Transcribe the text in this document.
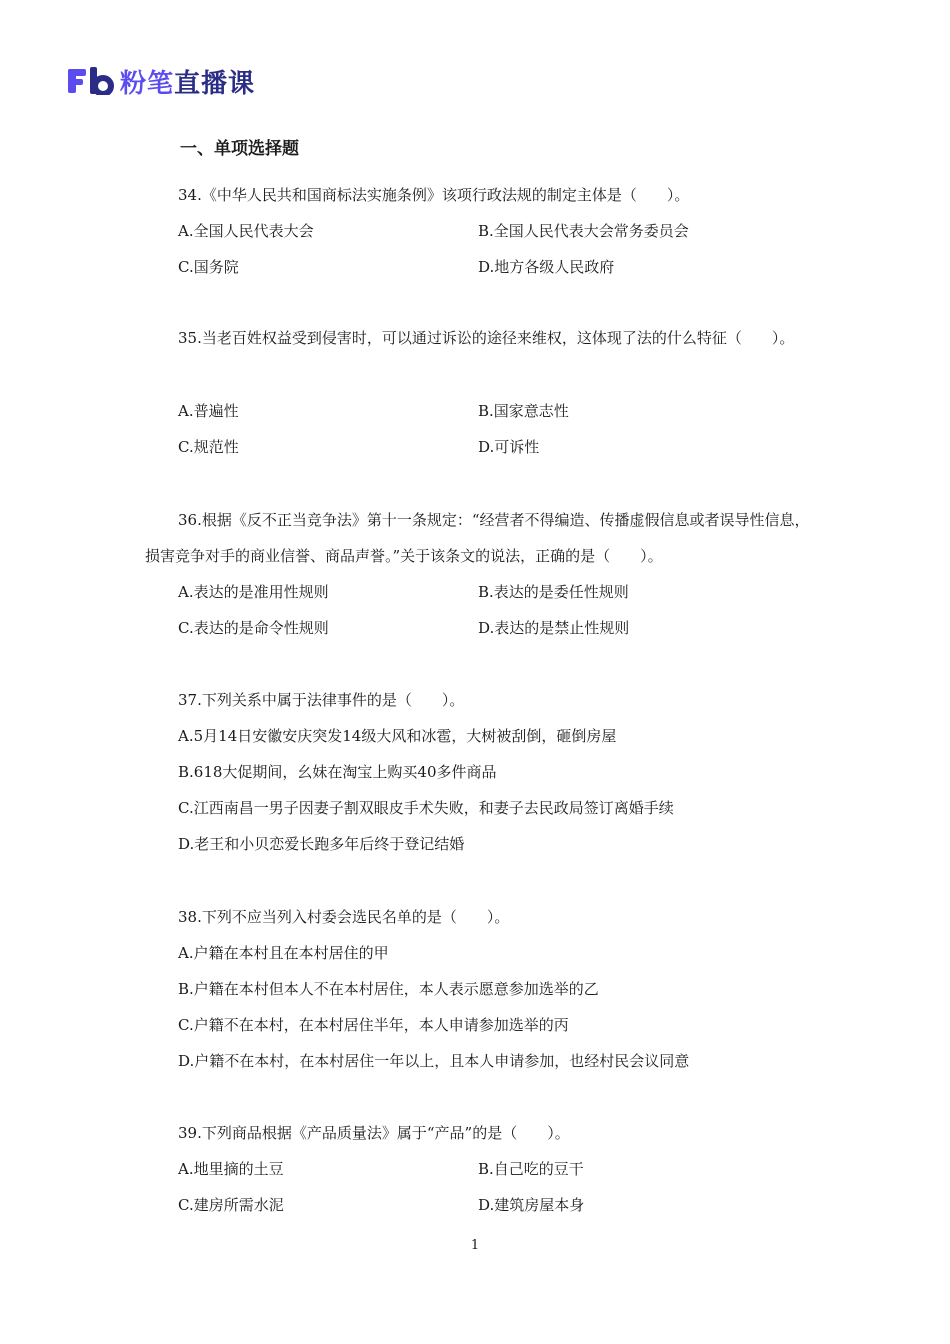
粉笔直播课
一、单项选择题
34.《中华人民共和国商标法实施条例》该项行政法规的制定主体是（　　）。
A.全国人民代表大会	B.全国人民代表大会常务委员会
C.国务院	D.地方各级人民政府
35.当老百姓权益受到侵害时，可以通过诉讼的途径来维权，这体现了法的什么特征（　　）。
A.普遍性	B.国家意志性
C.规范性	D.可诉性
36.根据《反不正当竞争法》第十一条规定：“经营者不得编造、传播虚假信息或者误导性信息，损害竞争对手的商业信誉、商品声誉。”关于该条文的说法，正确的是（　　）。
A.表达的是准用性规则	B.表达的是委任性规则
C.表达的是命令性规则	D.表达的是禁止性规则
37.下列关系中属于法律事件的是（　　）。
A.5月14日安徽安庆突发14级大风和冰雹，大树被刮倒，砸倒房屋
B.618大促期间，幺妹在淘宝上购买40多件商品
C.江西南昌一男子因妻子割双眼皮手术失败，和妻子去民政局签订离婚手续
D.老王和小贝恋爱长跑多年后终于登记结婚
38.下列不应当列入村委会选民名单的是（　　）。
A.户籍在本村且在本村居住的甲
B.户籍在本村但本人不在本村居住，本人表示愿意参加选举的乙
C.户籍不在本村，在本村居住半年，本人申请参加选举的丙
D.户籍不在本村，在本村居住一年以上，且本人申请参加，也经村民会议同意
39.下列商品根据《产品质量法》属于“产品”的是（　　）。
A.地里摘的土豆	B.自己吃的豆干
C.建房所需水泥	D.建筑房屋本身
1
